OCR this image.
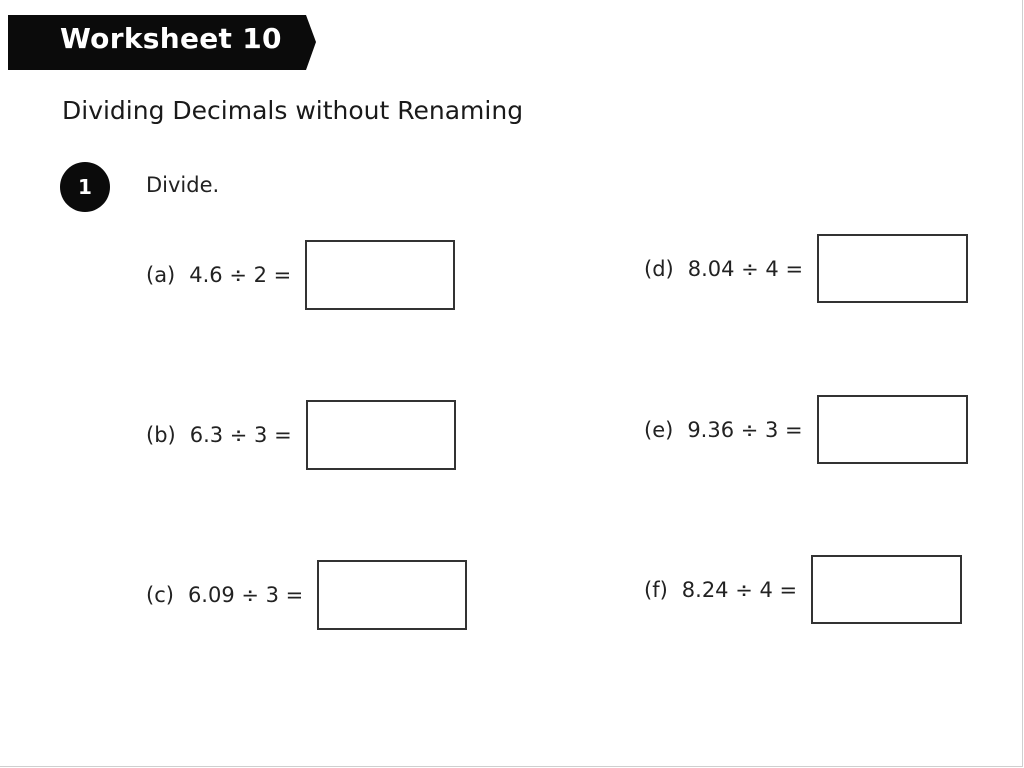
Worksheet 10
Dividing Decimals without Renaming
1	Divide.
(a) 4.6 ÷ 2 =
(b) 6.3 ÷ 3 =
(c) 6.09 ÷ 3 =
(d) 8.04 ÷ 4 =
(e) 9.36 ÷ 3 =
(f) 8.24 ÷ 4 =
